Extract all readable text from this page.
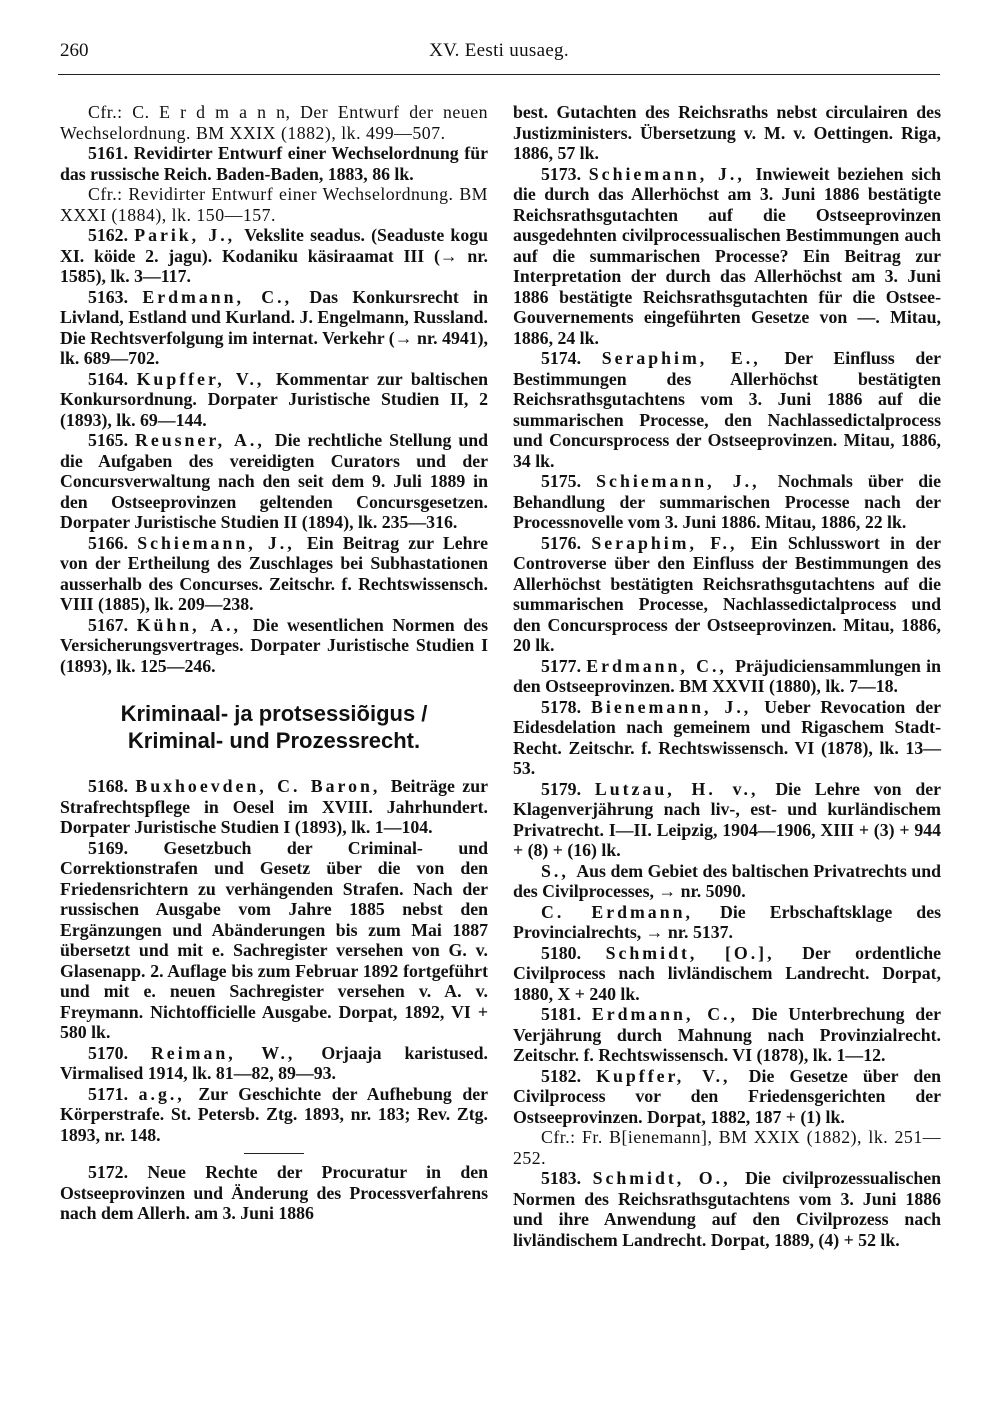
260	XV. Eesti uusaeg.

Cfr.: C. E r d m a n n, Der Entwurf der neuen Wechselordnung. BM XXIX (1882), lk. 499—507.

5161. Revidirter Entwurf einer Wechselordnung für das russische Reich. Baden-Baden, 1883, 86 lk.

Cfr.: Revidirter Entwurf einer Wechselordnung. BM XXXI (1884), lk. 150—157.

5162. Parik, J., Vekslite seadus. (Seaduste kogu XI. köide 2. jagu). Kodaniku käsiraamat III (→ nr. 1585), lk. 3—117.

5163. Erdmann, C., Das Konkursrecht in Livland, Estland und Kurland. J. Engelmann, Russland. Die Rechtsverfolgung im internat. Verkehr (→ nr. 4941), lk. 689—702.

5164. Kupffer, V., Kommentar zur baltischen Konkursordnung. Dorpater Juristische Studien II, 2 (1893), lk. 69—144.

5165. Reusner, A., Die rechtliche Stellung und die Aufgaben des vereidigten Curators und der Concursverwaltung nach den seit dem 9. Juli 1889 in den Ostseeprovinzen geltenden Concursgesetzen. Dorpater Juristische Studien II (1894), lk. 235—316.

5166. Schiemann, J., Ein Beitrag zur Lehre von der Ertheilung des Zuschlages bei Subhastationen ausserhalb des Concurses. Zeitschr. f. Rechtswissensch. VIII (1885), lk. 209—238.

5167. Kühn, A., Die wesentlichen Normen des Versicherungsvertrages. Dorpater Juristische Studien I (1893), lk. 125—246.

Kriminaal- ja protsessiõigus /
Kriminal- und Prozessrecht.

5168. Buxhoevden, C. Baron, Beiträge zur Strafrechtspflege in Oesel im XVIII. Jahrhundert. Dorpater Juristische Studien I (1893), lk. 1—104.

5169. Gesetzbuch der Criminal- und Correktionstrafen und Gesetz über die von den Friedensrichtern zu verhängenden Strafen. Nach der russischen Ausgabe vom Jahre 1885 nebst den Ergänzungen und Abänderungen bis zum Mai 1887 übersetzt und mit e. Sachregister versehen von G. v. Glasenapp. 2. Auflage bis zum Februar 1892 fortgeführt und mit e. neuen Sachregister versehen v. A. v. Freymann. Nichtofficielle Ausgabe. Dorpat, 1892, VI + 580 lk.

5170. Reiman, W., Orjaaja karistused. Virmalised 1914, lk. 81—82, 89—93.

5171. a.g., Zur Geschichte der Aufhebung der Körperstrafe. St. Petersb. Ztg. 1893, nr. 183; Rev. Ztg. 1893, nr. 148.

5172. Neue Rechte der Procuratur in den Ostseeprovinzen und Änderung des Processverfahrens nach dem Allerh. am 3. Juni 1886

best. Gutachten des Reichsraths nebst circulairen des Justizministers. Übersetzung v. M. v. Oettingen. Riga, 1886, 57 lk.

5173. Schiemann, J., Inwieweit beziehen sich die durch das Allerhöchst am 3. Juni 1886 bestätigte Reichsrathsgutachten auf die Ostseeprovinzen ausgedehnten civilprocessualischen Bestimmungen auch auf die summarischen Processe? Ein Beitrag zur Interpretation der durch das Allerhöchst am 3. Juni 1886 bestätigte Reichsrathsgutachten für die Ostsee-Gouvernements eingeführten Gesetze von —. Mitau, 1886, 24 lk.

5174. Seraphim, E., Der Einfluss der Bestimmungen des Allerhöchst bestätigten Reichsrathsgutachtens vom 3. Juni 1886 auf die summarischen Processe, den Nachlassedictalprocess und Concursprocess der Ostseeprovinzen. Mitau, 1886, 34 lk.

5175. Schiemann, J., Nochmals über die Behandlung der summarischen Processe nach der Processnovelle vom 3. Juni 1886. Mitau, 1886, 22 lk.

5176. Seraphim, F., Ein Schlusswort in der Controverse über den Einfluss der Bestimmungen des Allerhöchst bestätigten Reichsrathsgutachtens auf die summarischen Processe, Nachlassedictalprocess und den Concursprocess der Ostseeprovinzen. Mitau, 1886, 20 lk.

5177. Erdmann, C., Präjudiciensammlungen in den Ostseeprovinzen. BM XXVII (1880), lk. 7—18.

5178. Bienemann, J., Ueber Revocation der Eidesdelation nach gemeinem und Rigaschem Stadt-Recht. Zeitschr. f. Rechtswissensch. VI (1878), lk. 13—53.

5179. Lutzau, H. v., Die Lehre von der Klagenverjährung nach liv-, est- und kurländischem Privatrecht. I—II. Leipzig, 1904—1906, XIII + (3) + 944 + (8) + (16) lk.

S., Aus dem Gebiet des baltischen Privatrechts und des Civilprocesses, → nr. 5090.

C. Erdmann, Die Erbschaftsklage des Provincialrechts, → nr. 5137.

5180. Schmidt, [O.], Der ordentliche Civilprocess nach livländischem Landrecht. Dorpat, 1880, X + 240 lk.

5181. Erdmann, C., Die Unterbrechung der Verjährung durch Mahnung nach Provinzialrecht. Zeitschr. f. Rechtswissensch. VI (1878), lk. 1—12.

5182. Kupffer, V., Die Gesetze über den Civilprocess vor den Friedensgerichten der Ostseeprovinzen. Dorpat, 1882, 187 + (1) lk.

Cfr.: Fr. B[ienemann], BM XXIX (1882), lk. 251—252.

5183. Schmidt, O., Die civilprozessualischen Normen des Reichsrathsgutachtens vom 3. Juni 1886 und ihre Anwendung auf den Civilprozess nach livländischem Landrecht. Dorpat, 1889, (4) + 52 lk.
